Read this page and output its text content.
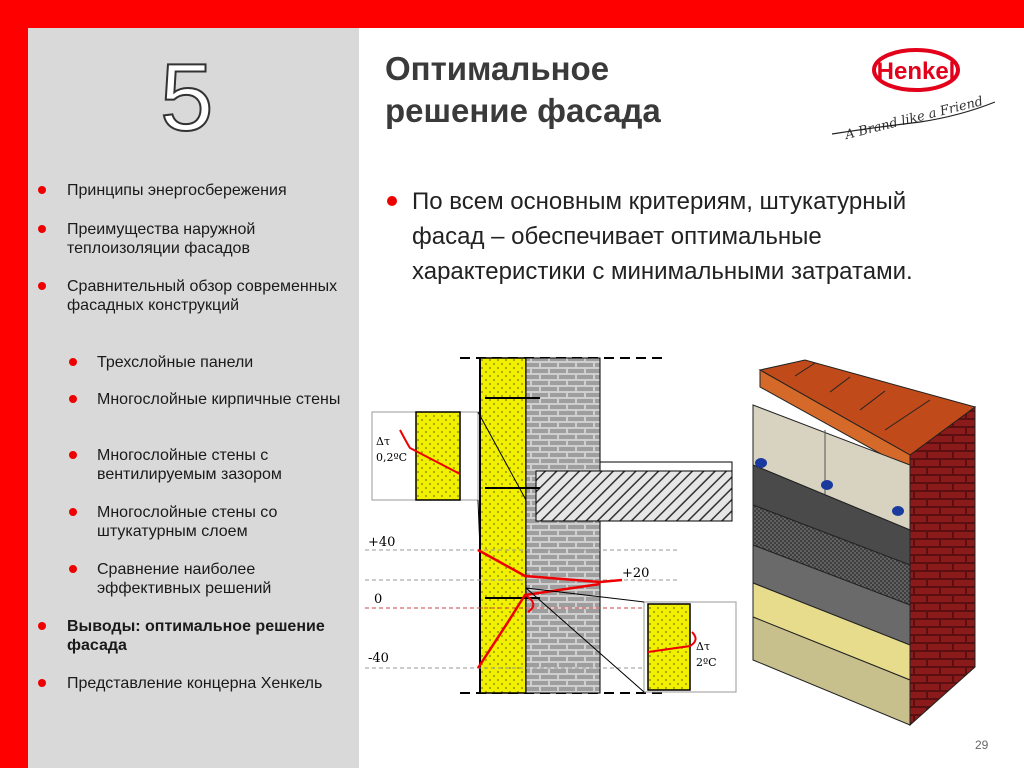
5
Принципы энергосбережения
Преимущества наружной теплоизоляции фасадов
Сравнительный обзор современных фасадных конструкций
Трехслойные панели
Многослойные кирпичные стены
Многослойные стены с вентилируемым зазором
Многослойные стены со штукатурным слоем
Сравнение наиболее эффективных решений
Выводы: оптимальное решение фасада
Представление концерна Хенкель
Оптимальное
решение фасада
По всем основным критериям, штукатурный фасад – обеспечивает оптимальные характеристики с минимальными затратами.
Henkel
A Brand like a Friend
+40
0
-40
+20
Δτ
0,2ºC
Δτ
2ºC
29
